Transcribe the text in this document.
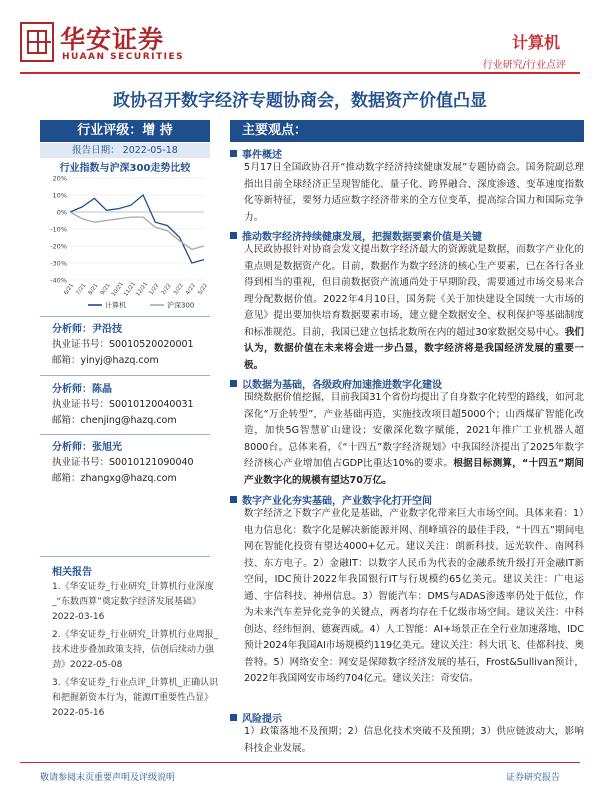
华安证券
HUAAN SECURITIES
计算机
行业研究/行业点评
政协召开数字经济专题协商会，数据资产价值凸显
行业评级：增 持
报告日期： 2022-05-18
行业指数与沪深300走势比较
20%
10%
0%
-10%
-20%
-30%
-40%
6/21 7/21 8/21 9/21 10/21
11/21
12/21 1/22 2/22 3/22 4/22 5/22
计算机	沪深300
分析师：尹沿技
执业证书号：S0010520020001
邮箱：yinyj@hazq.com
分析师：陈晶
执业证书号：S0010120040031
邮箱：chenjing@hazq.com
分析师：张旭光
执业证书号：S0010121090040
邮箱：zhangxg@hazq.com
相关报告
1.《华安证券_行业研究_计算机行业深度_“东数西算”奠定数字经济发展基础》2022-03-16
2.《华安证券_行业研究_计算机行业周报_技术进步叠加政策支持，信创后续动力强劲》2022-05-08
3.《华安证券_行业点评_计算机_正确认识和把握新资本行为，能源IT重要性凸显》2022-05-16
主要观点：
事件概述
5月17日全国政协召开“推动数字经济持续健康发展”专题协商会。国务院副总理指出目前全球经济正呈现智能化、量子化、跨界融合、深度渗透、变革速度指数化等新特征，要努力适应数字经济带来的全方位变革，提高综合国力和国际竞争力。
推动数字经济持续健康发展，把握数据要素价值是关键
人民政协报针对协商会发文提出数字经济最大的资源就是数据，而数字产业化的重点则是数据资产化。目前，数据作为数字经济的核心生产要素，已在各行各业得到相当的重视，但目前数据资产流通尚处于早期阶段，需要通过市场交易来合理分配数据价值。2022年4月10日，国务院《关于加快建设全国统一大市场的意见》提出要加快培育数据要素市场，建立健全数据安全、权利保护等基础制度和标准规范。目前，我国已建立包括北数所在内的超过30家数据交易中心。我们认为，数据价值在未来将会进一步凸显，数字经济将是我国经济发展的重要一极。
以数据为基础，各级政府加速推进数字化建设
围绕数据价值挖掘，目前我国31个省份均提出了自身数字化转型的路线，如河北深化“万企转型”，产业基础再造，实施技改项目超5000个；山西煤矿智能化改造，加快5G智慧矿山建设；安徽深化数字赋能，2021年推广工业机器人超8000台。总体来看，《“十四五”数字经济规划》中我国经济提出了2025年数字经济核心产业增加值占GDP比重达10%的要求。根据目标测算，“十四五”期间产业数字化的规模有望达70万亿。
数字产业化夯实基础，产业数字化打开空间
数字经济之下数字产业化是基础，产业数字化带来巨大市场空间。具体来看：1）电力信息化：数字化是解决新能源并网、削峰填谷的最佳手段，“十四五”期间电网在智能化投资有望达4000+亿元。建议关注：朗新科技、远光软件、南网科技、东方电子。2）金融IT：以数字人民币为代表的金融系统升级打开金融IT新空间，IDC预计2022年我国银行IT与行规模约65亿美元。建议关注：广电运通、宇信科技、神州信息。3）智能汽车：DMS与ADAS渗透率仍处于低位，作为未来汽车差异化竞争的关键点，两者均存在千亿级市场空间。建议关注：中科创达、经纬恒润、德赛西威。4）人工智能：AI+场景正在全行业加速落地，IDC预计2024年我国AI市场规模约119亿美元。建议关注：科大讯飞、佳都科技、奥普特。5）网络安全：网安是保障数字经济发展的基石，Frost&Sullivan预计，2022年我国网安市场约704亿元。建议关注：奇安信。
风险提示
1）政策落地不及预期；2）信息化技术突破不及预期；3）供应链波动大，影响科技企业发展。
敬请参阅末页重要声明及评级说明	证券研究报告
